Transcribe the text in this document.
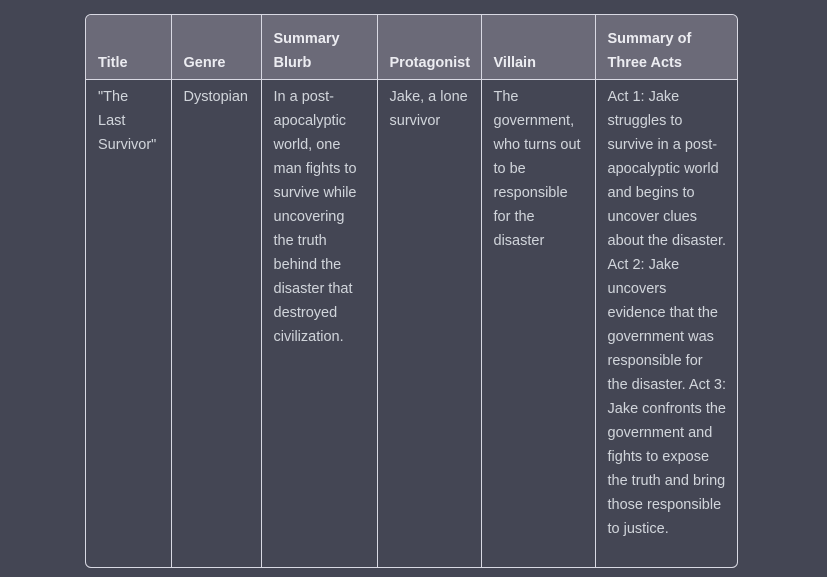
Title	Genre	Summary Blurb	Protagonist	Villain	Summary of Three Acts
"The Last Survivor"	Dystopian	In a post-apocalyptic world, one man fights to survive while uncovering the truth behind the disaster that destroyed civilization.	Jake, a lone survivor	The government, who turns out to be responsible for the disaster	Act 1: Jake struggles to survive in a post-apocalyptic world and begins to uncover clues about the disaster. Act 2: Jake uncovers evidence that the government was responsible for the disaster. Act 3: Jake confronts the government and fights to expose the truth and bring those responsible to justice.
